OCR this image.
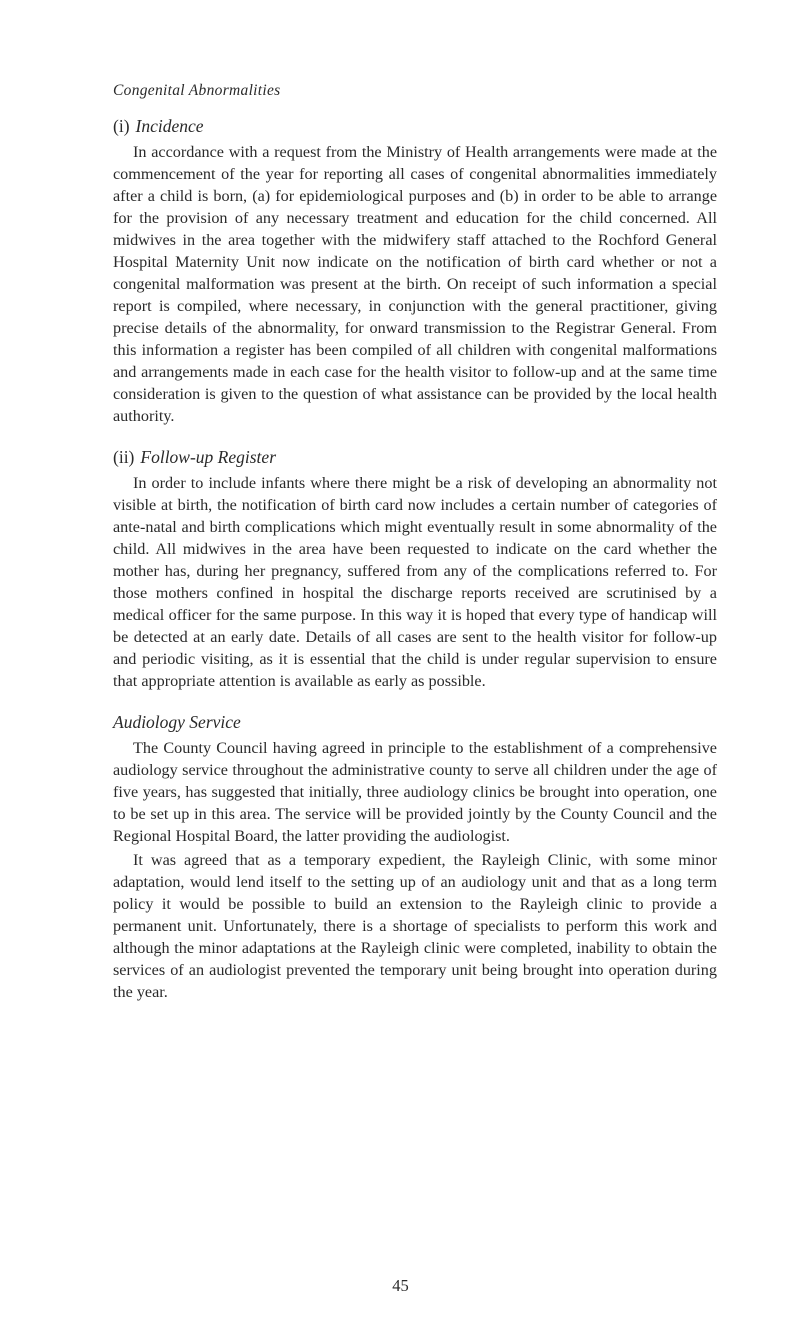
Congenital Abnormalities
(i) Incidence

In accordance with a request from the Ministry of Health arrangements were made at the commencement of the year for reporting all cases of congenital abnormalities immediately after a child is born, (a) for epidemiological purposes and (b) in order to be able to arrange for the provision of any necessary treatment and education for the child concerned. All midwives in the area together with the midwifery staff attached to the Rochford General Hospital Maternity Unit now indicate on the notification of birth card whether or not a congenital malformation was present at the birth. On receipt of such information a special report is compiled, where necessary, in conjunction with the general practitioner, giving precise details of the abnormality, for onward transmission to the Registrar General. From this information a register has been compiled of all children with congenital malformations and arrangements made in each case for the health visitor to follow-up and at the same time consideration is given to the question of what assistance can be provided by the local health authority.

(ii) Follow-up Register

In order to include infants where there might be a risk of developing an abnormality not visible at birth, the notification of birth card now includes a certain number of categories of ante-natal and birth complications which might eventually result in some abnormality of the child. All midwives in the area have been requested to indicate on the card whether the mother has, during her pregnancy, suffered from any of the complications referred to. For those mothers confined in hospital the discharge reports received are scrutinised by a medical officer for the same purpose. In this way it is hoped that every type of handicap will be detected at an early date. Details of all cases are sent to the health visitor for follow-up and periodic visiting, as it is essential that the child is under regular supervision to ensure that appropriate attention is available as early as possible.

Audiology Service

The County Council having agreed in principle to the establishment of a comprehensive audiology service throughout the administrative county to serve all children under the age of five years, has suggested that initially, three audiology clinics be brought into operation, one to be set up in this area. The service will be provided jointly by the County Council and the Regional Hospital Board, the latter providing the audiologist.

It was agreed that as a temporary expedient, the Rayleigh Clinic, with some minor adaptation, would lend itself to the setting up of an audiology unit and that as a long term policy it would be possible to build an extension to the Rayleigh clinic to provide a permanent unit. Unfortunately, there is a shortage of specialists to perform this work and although the minor adaptations at the Rayleigh clinic were completed, inability to obtain the services of an audiologist prevented the temporary unit being brought into operation during the year.

45
